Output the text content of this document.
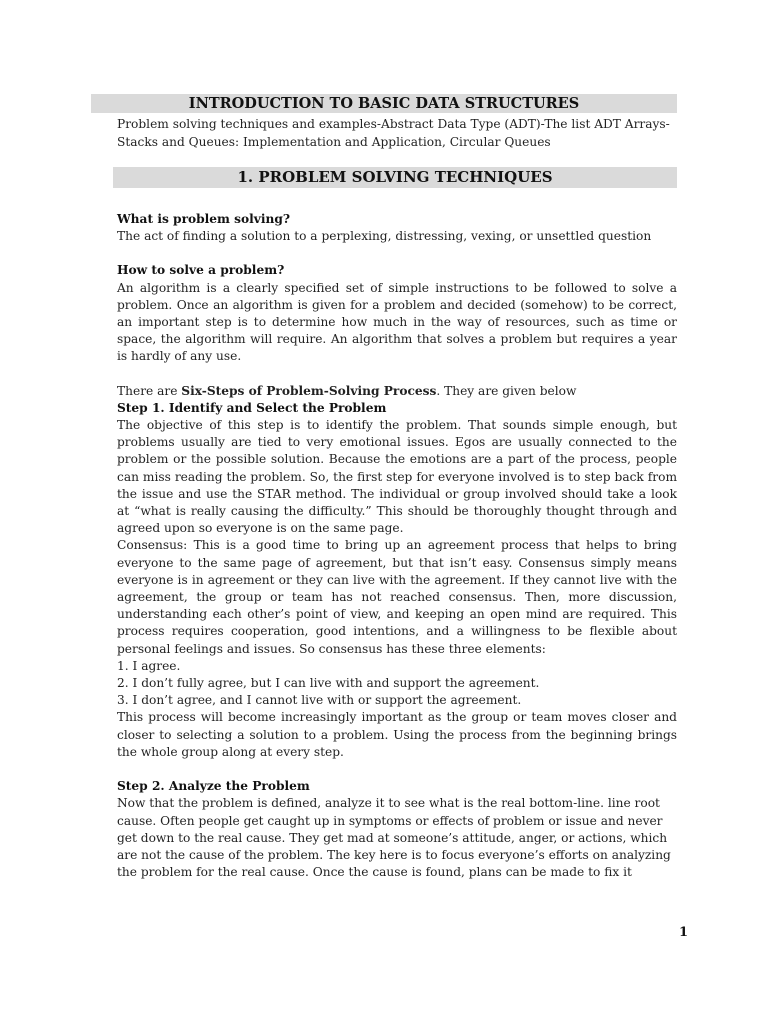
INTRODUCTION TO BASIC DATA STRUCTURES
Problem solving techniques and examples-Abstract Data Type (ADT)-The list ADT Arrays-Stacks and Queues: Implementation and Application, Circular Queues
1. PROBLEM SOLVING TECHNIQUES

What is problem solving?

The act of finding a solution to a perplexing, distressing, vexing, or unsettled question

How to solve a problem?

An algorithm is a clearly specified set of simple instructions to be followed to solve a problem. Once an algorithm is given for a problem and decided (somehow) to be correct, an important step is to determine how much in the way of resources, such as time or space, the algorithm will require. An algorithm that solves a problem but requires a year is hardly of any use.

There are Six-Steps of Problem-Solving Process. They are given below

Step 1. Identify and Select the Problem

The objective of this step is to identify the problem. That sounds simple enough, but problems usually are tied to very emotional issues. Egos are usually connected to the problem or the possible solution. Because the emotions are a part of the process, people can miss reading the problem. So, the first step for everyone involved is to step back from the issue and use the STAR method. The individual or group involved should take a look at “what is really causing the difficulty.” This should be thoroughly thought through and agreed upon so everyone is on the same page.

Consensus: This is a good time to bring up an agreement process that helps to bring everyone to the same page of agreement, but that isn’t easy. Consensus simply means everyone is in agreement or they can live with the agreement. If they cannot live with the agreement, the group or team has not reached consensus. Then, more discussion, understanding each other’s point of view, and keeping an open mind are required. This process requires cooperation, good intentions, and a willingness to be flexible about personal feelings and issues. So consensus has these three elements:

1. I agree.

2. I don’t fully agree, but I can live with and support the agreement.

3. I don’t agree, and I cannot live with or support the agreement.

This process will become increasingly important as the group or team moves closer and closer to selecting a solution to a problem. Using the process from the beginning brings the whole group along at every step.

Step 2. Analyze the Problem

Now that the problem is defined, analyze it to see what is the real bottom-line. line root cause. Often people get caught up in symptoms or effects of problem or issue and never get down to the real cause. They get mad at someone’s attitude, anger, or actions, which are not the cause of the problem. The key here is to focus everyone’s efforts on analyzing the problem for the real cause. Once the cause is found, plans can be made to fix it

1
